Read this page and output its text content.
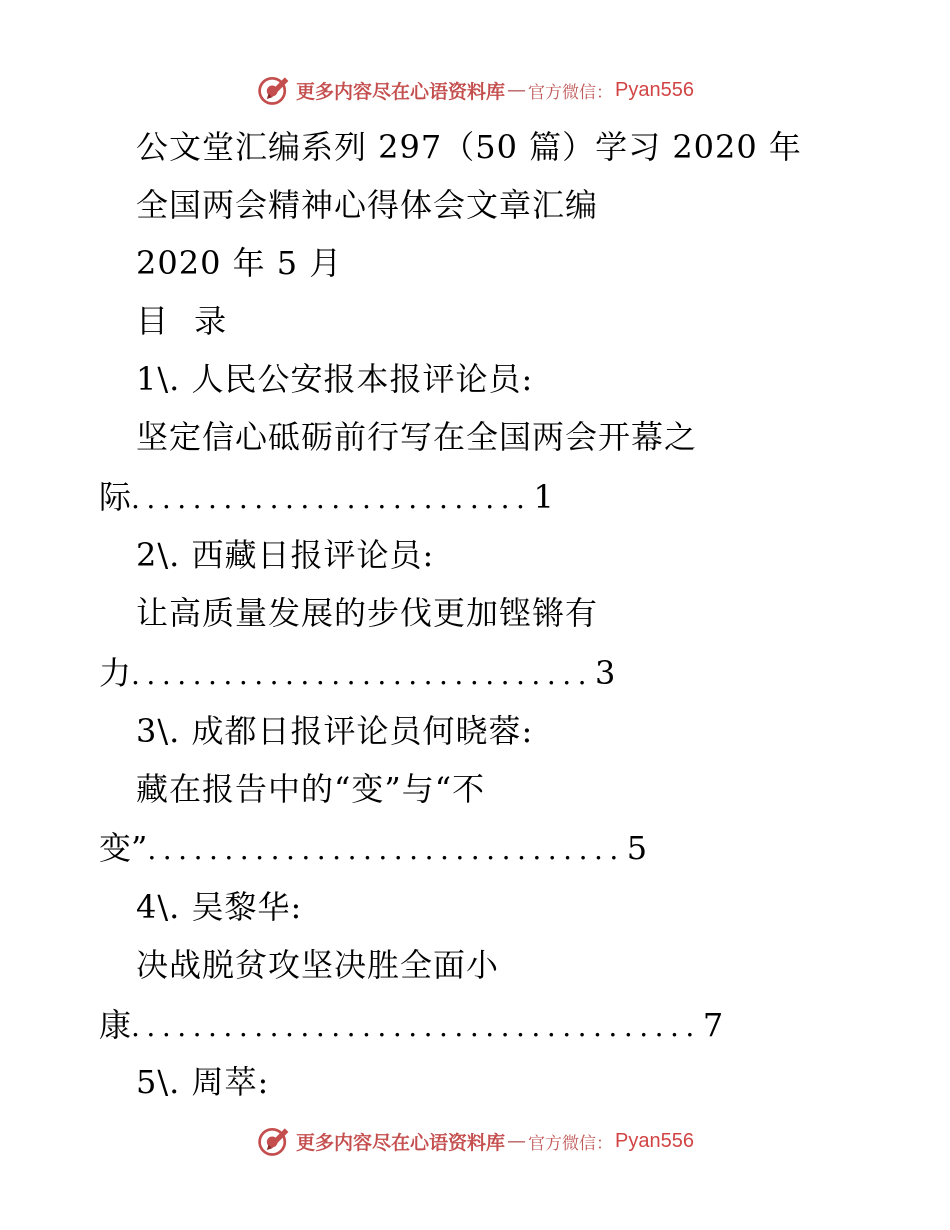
更多内容尽在心语资料库 — 官方微信： Pyan556
公文堂汇编系列 297（50 篇）学习 2020 年
全国两会精神心得体会文章汇编
2020 年 5 月
目 录
1\. 人民公安报本报评论员:
坚定信心砥砺前行写在全国两会开幕之
际 .......................... 1
2\. 西藏日报评论员:
让高质量发展的步伐更加铿锵有
力 .............................. 3
3\. 成都日报评论员何晓蓉:
藏在报告中的“变”与“不
变” ............................... 5
4\. 吴黎华:
决战脱贫攻坚决胜全面小
康 ..................................... 7
5\. 周萃:
更多内容尽在心语资料库 — 官方微信： Pyan556
